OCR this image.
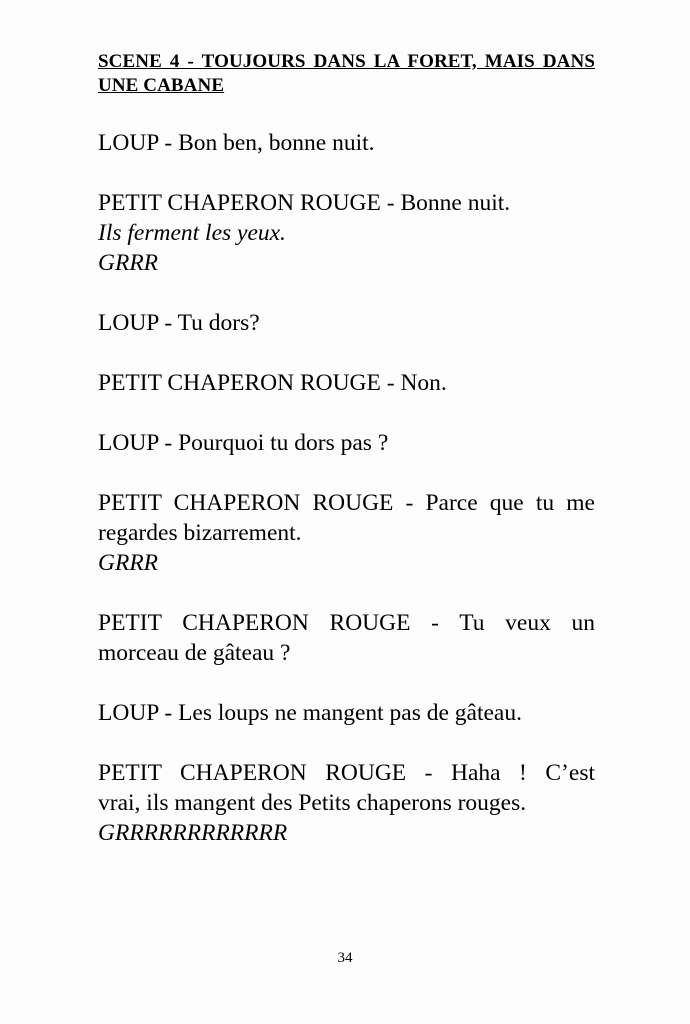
SCENE 4 - TOUJOURS DANS LA FORET, MAIS DANS UNE CABANE

LOUP - Bon ben, bonne nuit.
PETIT CHAPERON ROUGE - Bonne nuit.
Ils ferment les yeux.
GRRR
LOUP - Tu dors?
PETIT CHAPERON ROUGE - Non.
LOUP - Pourquoi tu dors pas ?
PETIT CHAPERON ROUGE - Parce que tu me
regardes bizarrement.
GRRR
PETIT CHAPERON ROUGE - Tu veux un
morceau de gâteau ?
LOUP - Les loups ne mangent pas de gâteau.
PETIT CHAPERON ROUGE - Haha ! C’est
vrai, ils mangent des Petits chaperons rouges.
GRRRRRRRRRRRR
34
